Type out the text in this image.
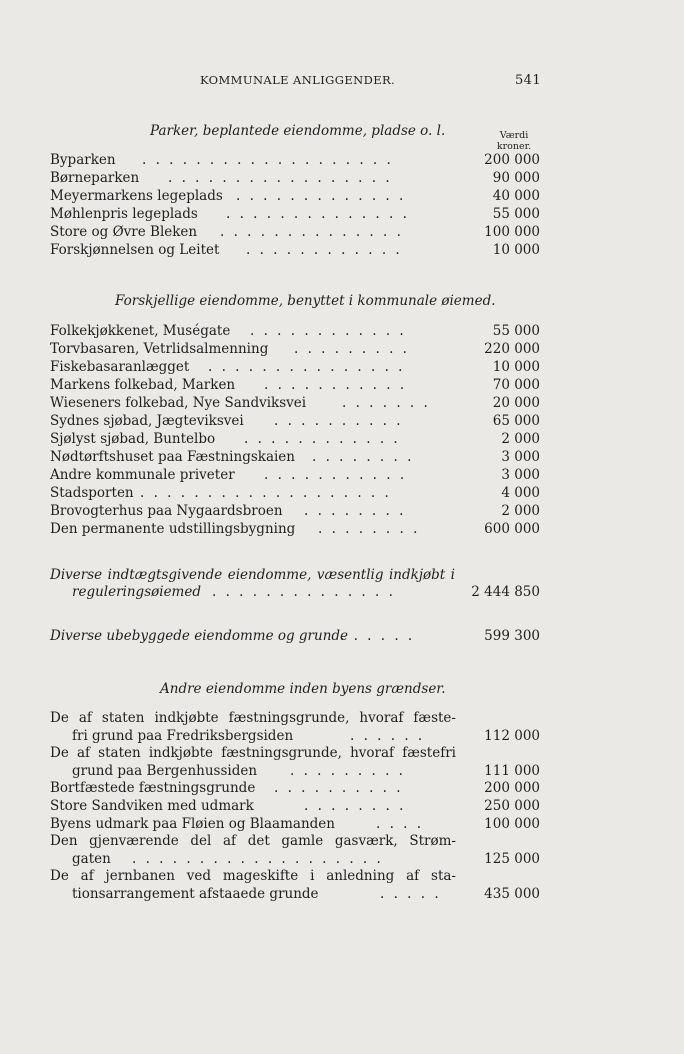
KOMMUNALE ANLIGGENDER.	541
Parker, beplantede eiendomme, pladse o. l.	Værdi
kroner.
Byparken . . . . . . . . . . . . . . . . . . .	200 000
Børneparken . . . . . . . . . . . . . . . . .	90 000
Meyermarkens legeplads . . . . . . . . . . . . .	40 000
Møhlenpris legeplads . . . . . . . . . . . . . .	55 000
Store og Øvre Bleken . . . . . . . . . . . . . .	100 000
Forskjønnelsen og Leitet . . . . . . . . . . . .	10 000
Forskjellige eiendomme, benyttet i kommunale øiemed.
Folkekjøkkenet, Muségate . . . . . . . . . . . .	55 000
Torvbasaren, Vetrlidsalmenning . . . . . . . . .	220 000
Fiskebasaranlægget . . . . . . . . . . . . . . .	10 000
Markens folkebad, Marken . . . . . . . . . . .	70 000
Wieseners folkebad, Nye Sandviksvei	. . . . . . .	20 000
Sydnes sjøbad, Jægteviksvei . . . . . . . . . .	65 000
Sjølyst sjøbad, Buntelbo . . . . . . . . . . . .	2 000
Nødtørftshuset paa Fæstningskaien . . . . . . . .	3 000
Andre kommunale priveter . . . . . . . . . . .	3 000
Stadsporten . . . . . . . . . . . . . . . . . . .	4 000
Brovogterhus paa Nygaardsbroen . . . . . . . .	2 000
Den permanente udstillingsbygning . . . . . . . .	600 000
Diverse indtægtsgivende eiendomme, væsentlig indkjøbt i
reguleringsøiemed . . . . . . . . . . . . . .	2 444 850
Diverse ubebyggede eiendomme og grunde
. . . . . .	599 300
Andre eiendomme inden byens grændser.
De af staten indkjøbte fæstningsgrunde, hvoraf fæste-
fri grund paa Fredriksbergsiden	. . . . . .	112 000
De af staten indkjøbte fæstningsgrunde, hvoraf fæstefri
grund paa Bergenhussiden . . . . . . . . .	111 000
Bortfæstede fæstningsgrunde . . . . . . . . . .	200 000
Store Sandviken med udmark	. . . . . . . .	250 000
Byens udmark paa Fløien og Blaamanden	. . . .	100 000
Den gjenværende del af det gamle gasværk, Strøm-
gaten . . . . . . . . . . . . . . . . . . .	125 000
De af jernbanen ved mageskifte i anledning af sta-
tionsarrangement afstaaede grunde	. . . . .	435 000
